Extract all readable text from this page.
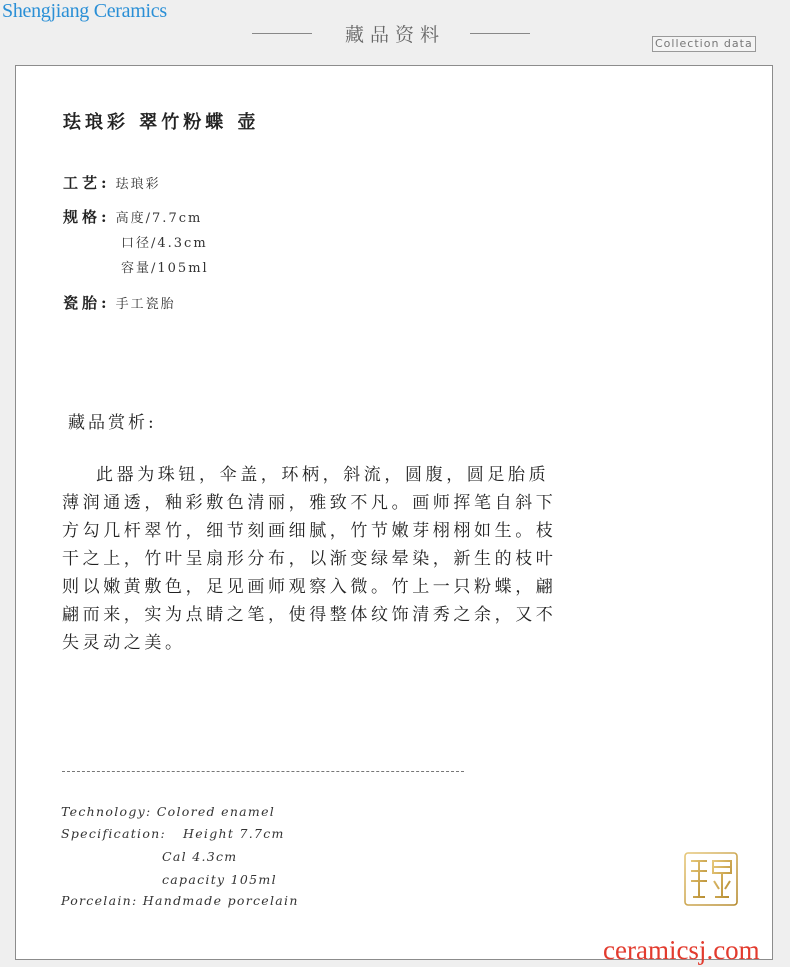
Shengjiang Ceramics
藏品资料	Collection data
珐琅彩 翠竹粉蝶 壶
工艺: 珐琅彩
规格: 高度/7.7cm
口径/4.3cm
容量/105ml
瓷胎: 手工瓷胎
藏品赏析:
此器为珠钮，伞盖，环柄，斜流，圆腹，圆足胎质薄润通透，釉彩敷色清丽，雅致不凡。画师挥笔自斜下方勾几杆翠竹，细节刻画细腻，竹节嫩芽栩栩如生。枝干之上，竹叶呈扇形分布，以渐变绿晕染，新生的枝叶则以嫩黄敷色，足见画师观察入微。竹上一只粉蝶，翩翩而来，实为点睛之笔，使得整体纹饰清秀之余，又不失灵动之美。
Technology: Colored enamel
Specification: Height 7.7cm
Cal 4.3cm
capacity 105ml
Porcelain: Handmade porcelain
ceramicsj.com
